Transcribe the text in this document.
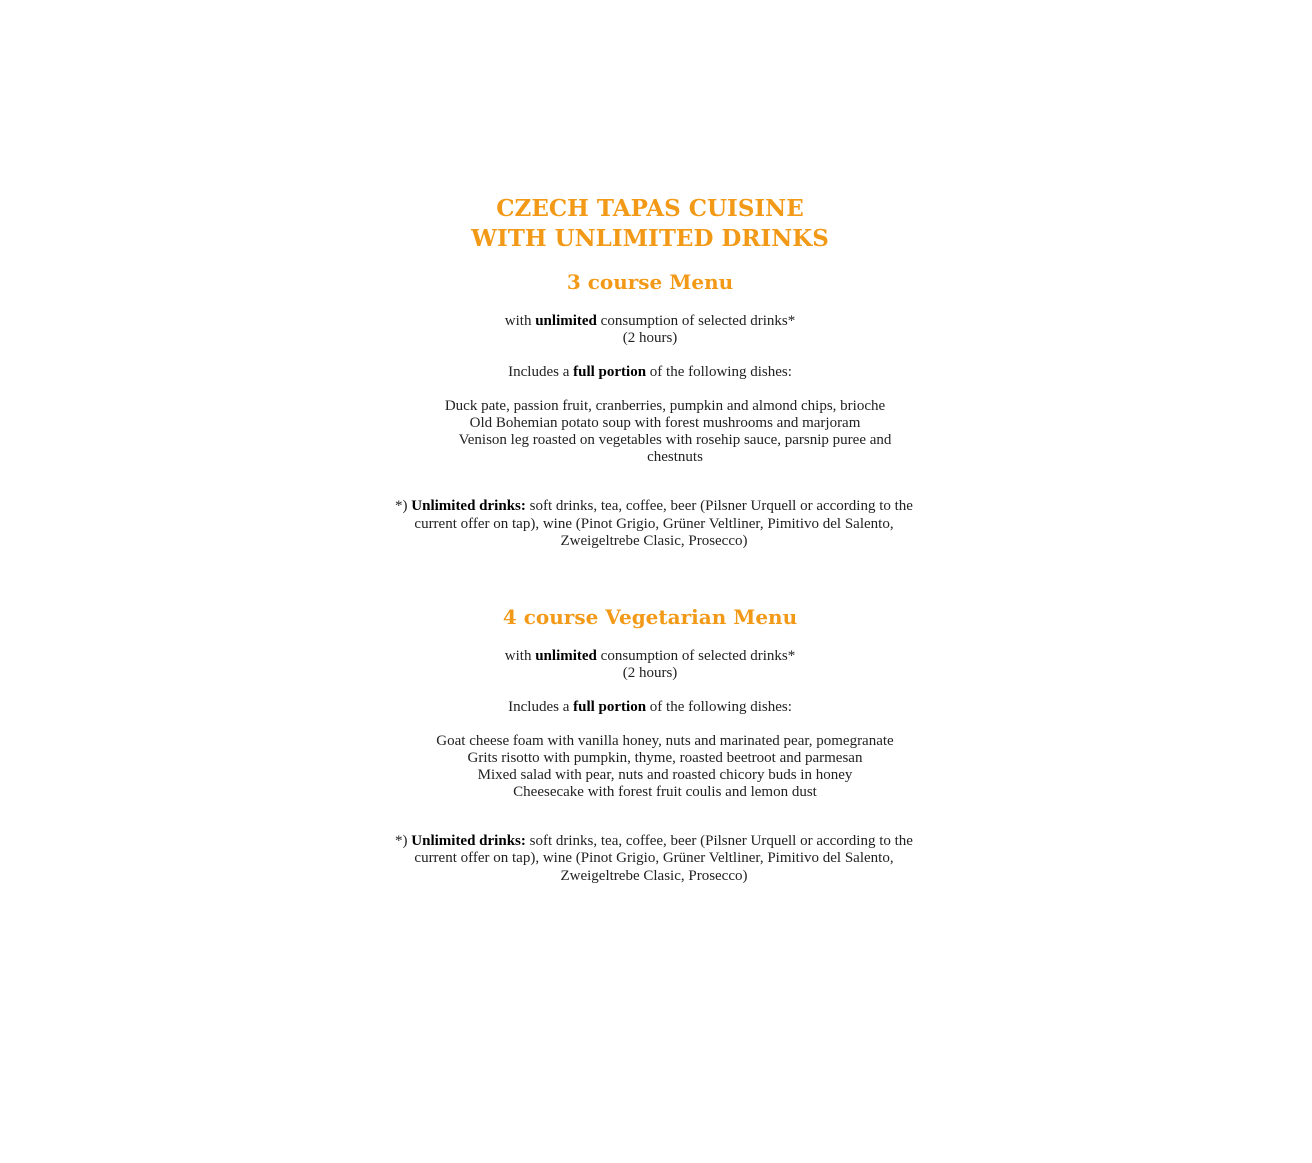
CZECH TAPAS CUISINE
WITH UNLIMITED DRINKS
3 course Menu

with unlimited consumption of selected drinks*

(2 hours)

Includes a full portion of the following dishes:

Duck pate, passion fruit, cranberries, pumpkin and almond chips, brioche

Old Bohemian potato soup with forest mushrooms and marjoram

Venison leg roasted on vegetables with rosehip sauce, parsnip puree and chestnuts

*) Unlimited drinks: soft drinks, tea, coffee, beer (Pilsner Urquell or according to the current offer on tap), wine (Pinot Grigio, Grüner Veltliner, Pimitivo del Salento, Zweigeltrebe Clasic, Prosecco)

4 course Vegetarian Menu

with unlimited consumption of selected drinks*

(2 hours)

Includes a full portion of the following dishes:

Goat cheese foam with vanilla honey, nuts and marinated pear, pomegranate

Grits risotto with pumpkin, thyme, roasted beetroot and parmesan

Mixed salad with pear, nuts and roasted chicory buds in honey

Cheesecake with forest fruit coulis and lemon dust

*) Unlimited drinks: soft drinks, tea, coffee, beer (Pilsner Urquell or according to the current offer on tap), wine (Pinot Grigio, Grüner Veltliner, Pimitivo del Salento, Zweigeltrebe Clasic, Prosecco)
